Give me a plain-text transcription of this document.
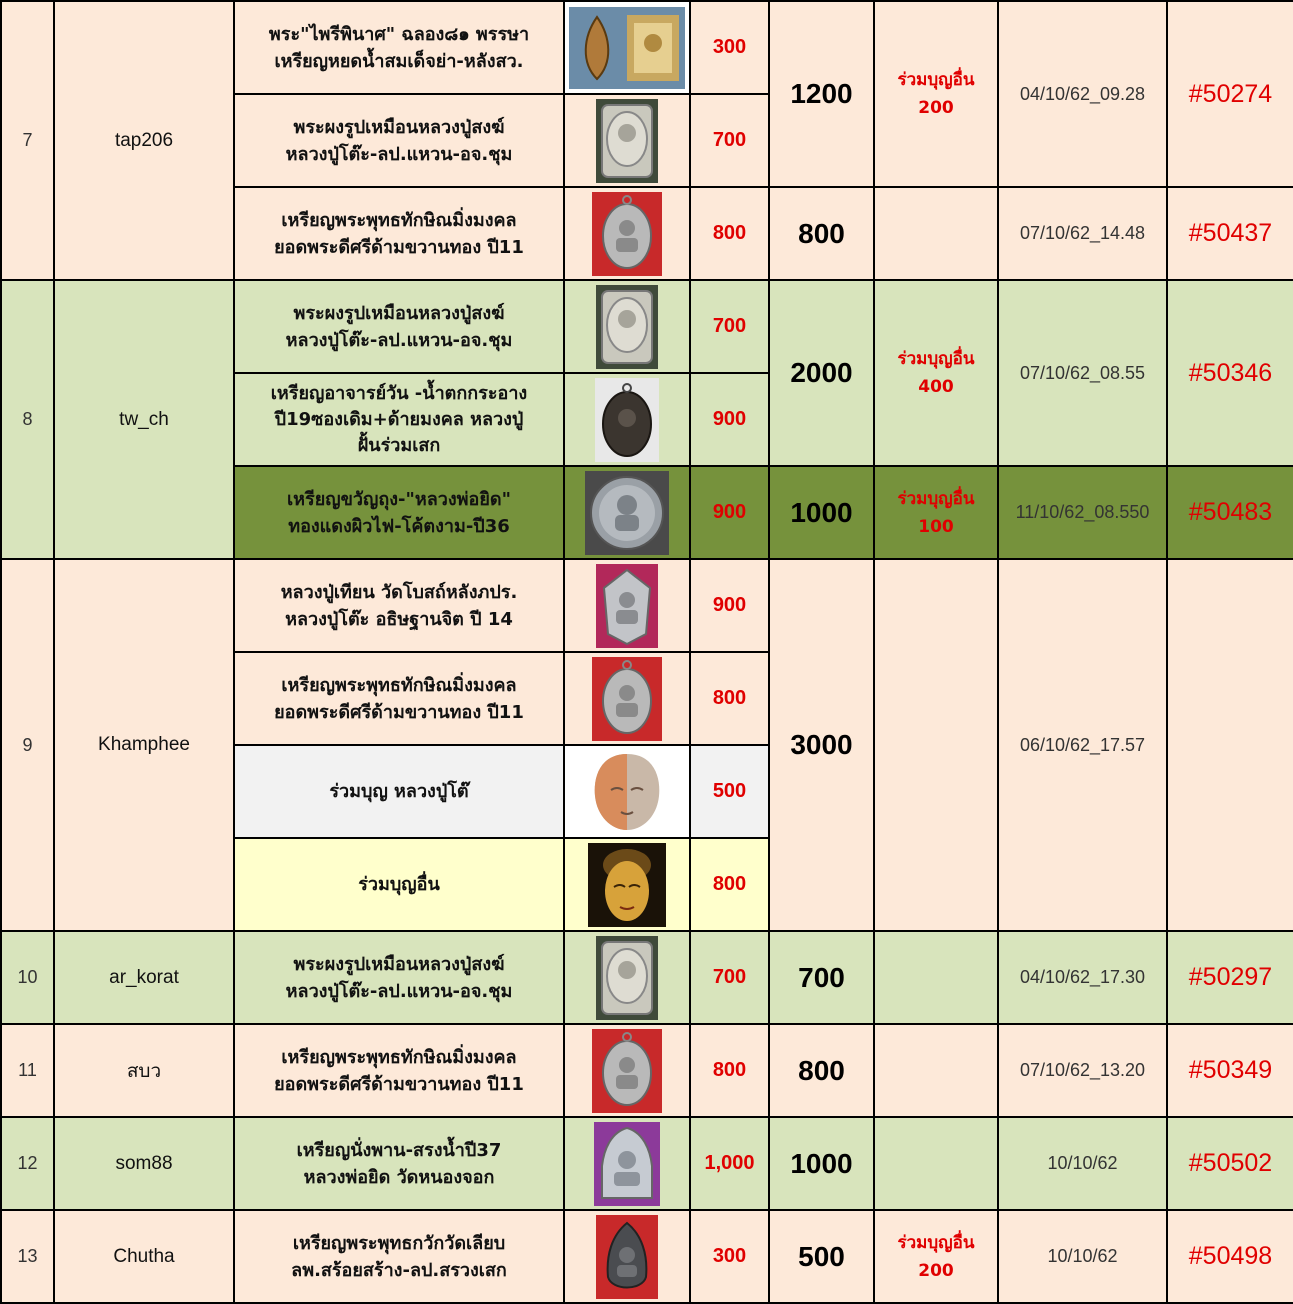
7	tap206	พระ"ไพรีพินาศ" ฉลอง๘๑ พรรษา
เหรียญหยดน้ำสมเด็จย่า-หลังสว.		300	1200	ร่วมบุญอื่น
200	04/10/62_09.28	#50274
		พระผงรูปเหมือนหลวงปู่สงฆ์
หลวงปู่โต๊ะ-ลป.แหวน-อจ.ชุม		700				
		เหรียญพระพุทธทักษิณมิ่งมงคล
ยอดพระดีศรีด้ามขวานทอง ปี11		800	800		07/10/62_14.48	#50437
8	tw_ch	พระผงรูปเหมือนหลวงปู่สงฆ์
หลวงปู่โต๊ะ-ลป.แหวน-อจ.ชุม		700	2000	ร่วมบุญอื่น
400	07/10/62_08.55	#50346
		เหรียญอาจารย์วัน -น้ำตกกระอาง
ปี19ซองเดิม+ด้ายมงคล หลวงปู่
ฝั้นร่วมเสก		900				
		เหรียญขวัญถุง-"หลวงพ่อยิด"
ทองแดงผิวไฟ-โค้ตงาม-ปี36		900	1000	ร่วมบุญอื่น
100	11/10/62_08.550	#50483
9	Khamphee	หลวงปู่เทียน วัดโบสถ์หลังภปร.
หลวงปู่โต๊ะ อธิษฐานจิต ปี 14		900	3000		06/10/62_17.57	
		เหรียญพระพุทธทักษิณมิ่งมงคล
ยอดพระดีศรีด้ามขวานทอง ปี11		800				
		ร่วมบุญ หลวงปู่โต๊		500				
		ร่วมบุญอื่น		800				
10	ar_korat	พระผงรูปเหมือนหลวงปู่สงฆ์
หลวงปู่โต๊ะ-ลป.แหวน-อจ.ชุม		700	700		04/10/62_17.30	#50297
11	สบว	เหรียญพระพุทธทักษิณมิ่งมงคล
ยอดพระดีศรีด้ามขวานทอง ปี11		800	800		07/10/62_13.20	#50349
12	som88	เหรียญนั่งพาน-สรงน้ำปี37
หลวงพ่อยิด วัดหนองจอก		1,000	1000		10/10/62	#50502
13	Chutha	เหรียญพระพุทธกวักวัดเลียบ
ลพ.สร้อยสร้าง-ลป.สรวงเสก		300	500	ร่วมบุญอื่น
200	10/10/62	#50498
